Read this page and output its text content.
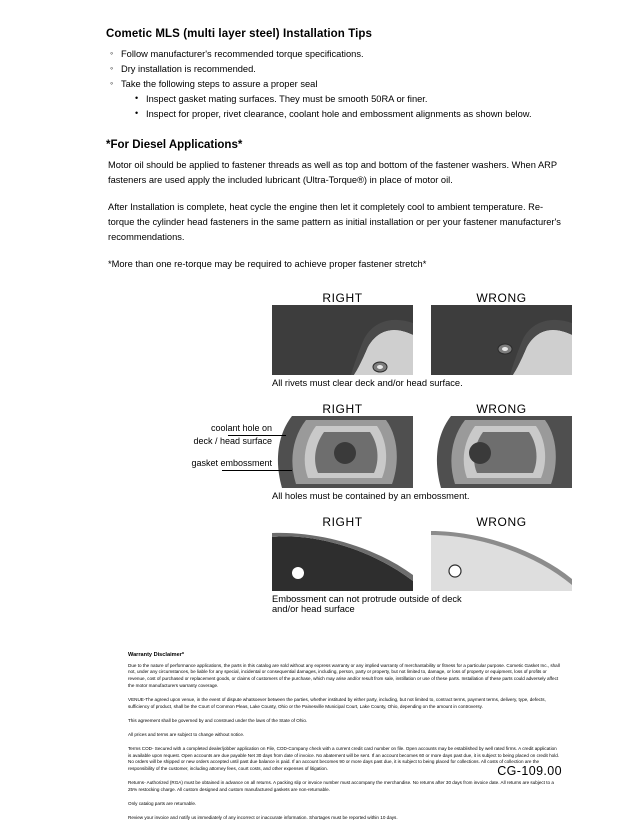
Cometic MLS (multi layer steel) Installation Tips
◦ Follow manufacturer's recommended torque specifications.
◦ Dry installation is recommended.
◦ Take the following steps to assure a proper seal
• Inspect gasket mating surfaces. They must be smooth 50RA or finer.
• Inspect for proper, rivet clearance, coolant hole and embossment alignments as shown below.
*For Diesel Applications*

Motor oil should be applied to fastener threads as well as top and bottom of the fastener washers. When ARP fasteners are used apply the included lubricant (Ultra-Torque®) in place of motor oil.

After Installation is complete, heat cycle the engine then let it completely cool to ambient temperature. Re-torque the cylinder head fasteners in the same pattern as initial installation or per your fastener manufacturer's recommendations.

*More than one re-torque may be required to achieve proper fastener stretch*

RIGHT	WRONG
All rivets must clear deck and/or head surface.
coolant hole on
deck / head surface
gasket embossment
RIGHT	WRONG
All holes must be contained by an embossment.
RIGHT	WRONG
Embossment can not protrude outside of deck
and/or head surface
Warranty Disclaimer*

Due to the nature of performance applications, the parts in this catalog are sold without any express warranty or any implied warranty of merchantability or fitness for a particular purpose. Cometic Gasket Inc., shall not, under any circumstances, be liable for any special, incidental or consequential damages, including, person, party or property, but not limited to, damage, or loss of property or equipment, loss of profits or revenue, cost of purchased or replacement goods, or claims of customers of the purchase, which may arise and/or result from sale, instillation or use of these parts. Installation of these parts could adversely affect the motor manufacturers warranty coverage.

VENUE-The agreed upon venue, in the event of dispute whatsoever between the parties, whether instituted by either party, including, but not limited to, contract terms, payment terms, delivery, type, defects, sufficiency of product, shall be the Court of Common Pleas, Lake County, Ohio or the Painesville Municipal Court, Lake County, Ohio, depending on the amount in controversy.

This agreement shall be governed by and construed under the laws of the State of Ohio.

All prices and terms are subject to change without notice.

Terms COD- Secured with a completed dealer/jobber application on File, COD-Company check with a current credit card number on file. Open accounts may be established by well rated firms. A credit application is available upon request. Open accounts are due payable Net 30 days from date of invoice. No abatement will be sent. If an account becomes 60 or more days past due, it is subject to being placed on credit hold. No orders will be shipped or new orders accepted until past due balance is paid. If an account becomes 90 or more days past due, it is subject to being placed for collections. All costs of collection are the responsibility of the customer, including attorney fees, court costs, and other expenses of litigation.

Returns- Authorized (RGA) must be obtained in advance on all returns. A packing slip or invoice number must accompany the merchandise. No returns after 30 days from invoice date. All returns are subject to a 25% restocking charge. All custom designed and custom manufactured gaskets are non-returnable.

Only catalog parts are returnable.

Review your invoice and notify us immediately of any incorrect or inaccurate information. Shortages must be reported within 10 days.

CG-109.00
